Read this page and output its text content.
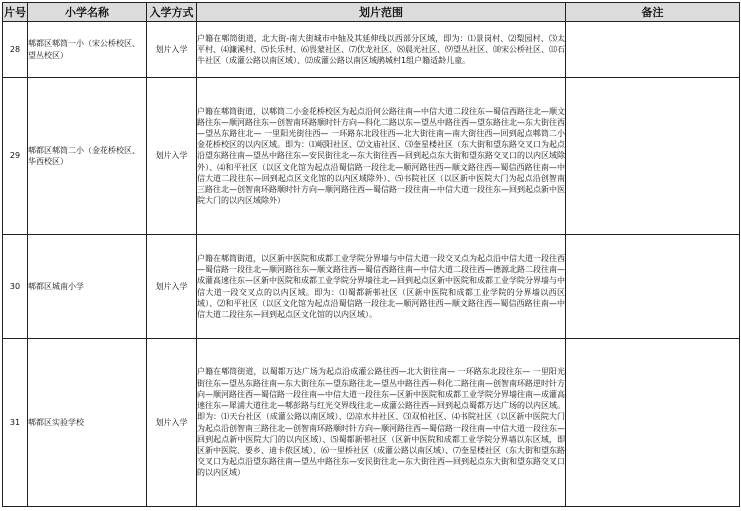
片号	小学名称	入学方式	划片范围	备注
28	郫都区郫筒一小（宋公桥校区、望丛校区）	划片入学	户籍在郫筒街道，北大街-南大街城市中轴及其延伸线以西部分区域，即为：⑴景岗村、⑵梨园村、⑶太平村、⑷濂溪村、⑸长乐村、⑹畏蒙社区、⑺伏龙社区、⑻晨光社区、⑼望丛社区、⑽宋公桥社区、⑾石牛社区（成灌公路以南区域）、⑿成灌公路以南区域鹃城村1组户籍适龄儿童。	
29	郫都区郫筒二小（金花桥校区、华西校区）	划片入学	户籍在郫筒街道，以郫筒二小金花桥校区为起点沿何公路往南—中信大道二段往东—蜀信西路往北—顺文路往东—顺河路往东—创智南环路顺时针方向—科化二路以东—望丛中路往西—望东路往北—东大街往西—望丛东路往北— 一里阳光街往西— 一环路东北段往西—北大街往南—南大街往西—回到起点郫筒二小金花桥校区的以内区域。即为：⑴岷阳社区、⑵文庙社区、⑶奎星楼社区（东大街和望东路交叉口为起点沿望东路往南—望丛中路往东—安民街往北—东大街往西—回到起点东大街和望东路交叉口的以内区域除外）、⑷和平社区（以区文化馆为起点沿蜀信路一段往北—顺河路往西—顺文路往西—蜀信西路往南—中信大道二段往东—回到起点区文化馆的以内区域除外）、⑸书院社区（以区新中医院大门为起点沿创智南三路往北—创智南环路顺时针方向—顺河路往西—蜀信路一段往南—中信大道一段往东—回到起点新中医院大门的以内区域除外）	
30	郫都区城南小学	划片入学	户籍在郫筒街道，以区新中医院和成都工业学院分界墙与中信大道一段交叉点为起点沿中信大道一段往西—蜀信路一段往北—顺河路往东—顺文路往西—蜀信西路往南—中信大道二段往西—德源北路二段往南—成灌高速往东—区新中医院和成都工业学院分界墙往北—回到起点区新中医院和成都工业学院分界墙与中信大道一段交叉点的以内区域。即为：⑴蜀都新邨社区（区新中医院和成都工业学院的分界墙以西区域）、⑵和平社区（以区文化馆为起点沿蜀信路一段往北—顺河路往西—顺文路往西—蜀信西路往南—中信大道二段往东—回到起点区文化馆的以内区域）。	
31	郫都区实验学校	划片入学	户籍在郫筒街道，以蜀都万达广场为起点沿成灌公路往西—北大街往南— 一环路东北段往东— 一里阳光街往东—望丛东路往南—东大街往东—望东路往北—望丛中路往西—科化二路往南—创智南环路逆时针方向—顺河路往西—蜀信路一段往南—中信大道一段往东—区新中医院和成都工业学院分界墙往南—成灌高速往东—犀浦大道往北—郫彭路与红光交界线往北—成灌公路往西—回到起点蜀都万达广场的以内区域。即为：⑴天台社区（成灌公路以南区域）、⑵凉水井社区、⑶双柏社区、⑷书院社区（以区新中医院大门为起点沿创智南三路往北—创智南环路顺时针方向—顺河路往西—蜀信路一段往南—中信大道一段往东—回到起点新中医院大门的以内区域）、⑸蜀都新邨社区（区新中医院和成都工业学院分界墙以东区域，即区新中医院、要乡、迪卡侬区域）、⑹一里桥社区（成灌公路以南区域）、⑺奎星楼社区（东大街和望东路交叉口为起点沿望东路往南—望丛中路往东—安民街往北—东大街往西—回到起点东大街和望东路交叉口的以内区域）	
